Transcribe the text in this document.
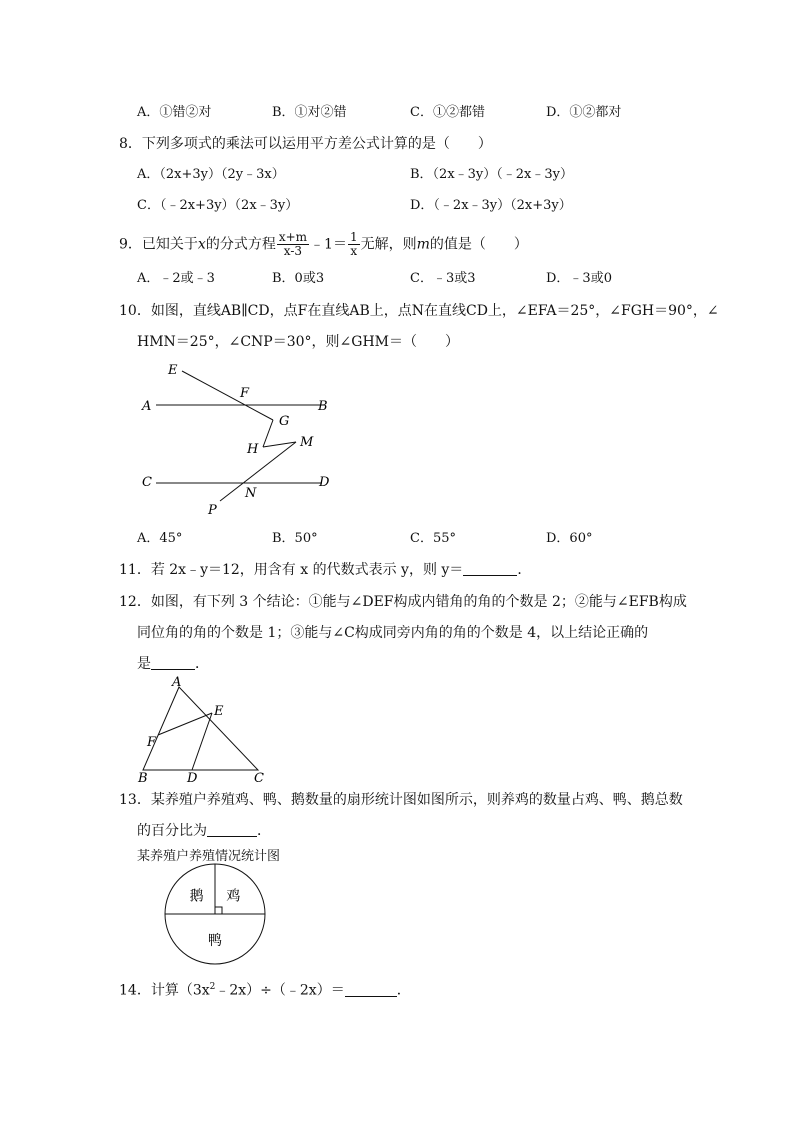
A．①错②对	B．①对②错	C．①②都错	D．①②都对
8．下列多项式的乘法可以运用平方差公式计算的是（　　）
A．（2x+3y）（2y﹣3x）	B．（2x﹣3y）（﹣2x﹣3y）
C．（﹣2x+3y）（2x﹣3y）	D．（﹣2x﹣3y）（2x+3y）
9．已知关于x的分式方程 $\frac{x+m}{x-3}$ ﹣1＝ $\frac{1}{x}$ 无解，则m的值是（　　）
A．﹣2或﹣3	B．0或3	C．﹣3或3	D．﹣3或0
10．如图，直线AB∥CD，点F在直线AB上，点N在直线CD上，∠EFA＝25°，∠FGH＝90°，∠
HMN＝25°，∠CNP＝30°，则∠GHM＝（　　）
E
F
A	B
G
H	M
C	D
N
P
A．45°	B．50°	C．55°	D．60°
11．若 2x﹣y＝12，用含有 x 的代数式表示 y，则 y＝	．
12．如图，有下列 3 个结论：①能与∠DEF构成内错角的角的个数是 2；②能与∠EFB构成
同位角的角的个数是 1；③能与∠C构成同旁内角的角的个数是 4，以上结论正确的
是	．
A
E
F
B	D	C
13．某养殖户养殖鸡、鸭、鹅数量的扇形统计图如图所示，则养鸡的数量占鸡、鸭、鹅总数
的百分比为	．
某养殖户养殖情况统计图
鸡
鸭
鹅
14．计算$(3x^2﹣2x)\div(﹣2x)=$	．
